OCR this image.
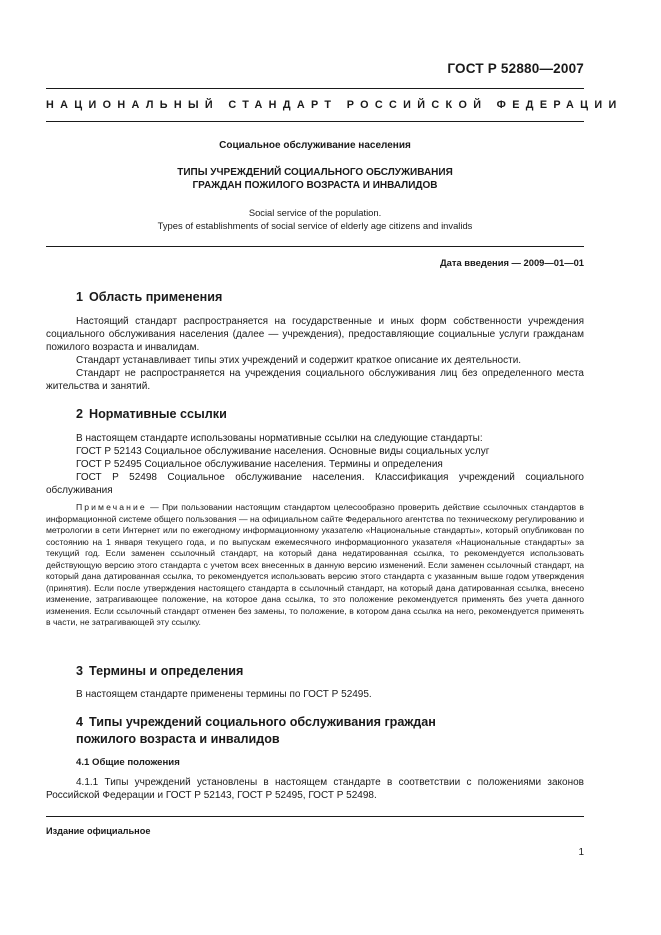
ГОСТ Р 52880—2007
НАЦИОНАЛЬНЫЙ СТАНДАРТ РОССИЙСКОЙ ФЕДЕРАЦИИ
Социальное обслуживание населения
ТИПЫ УЧРЕЖДЕНИЙ СОЦИАЛЬНОГО ОБСЛУЖИВАНИЯ
ГРАЖДАН ПОЖИЛОГО ВОЗРАСТА И ИНВАЛИДОВ
Social service of the population.
Types of establishments of social service of elderly age citizens and invalids
Дата введения — 2009—01—01
1 Область применения

Настоящий стандарт распространяется на государственные и иных форм собственности учреждения социального обслуживания населения (далее — учреждения), предоставляющие социальные услуги гражданам пожилого возраста и инвалидам.

Стандарт устанавливает типы этих учреждений и содержит краткое описание их деятельности.

Стандарт не распространяется на учреждения социального обслуживания лиц без определенного места жительства и занятий.

2 Нормативные ссылки

В настоящем стандарте использованы нормативные ссылки на следующие стандарты:

ГОСТ Р 52143 Социальное обслуживание населения. Основные виды социальных услуг
ГОСТ Р 52495 Социальное обслуживание населения. Термины и определения

ГОСТ Р 52498 Социальное обслуживание населения. Классификация учреждений социального обслуживания

Примечание — При пользовании настоящим стандартом целесообразно проверить действие ссылочных стандартов в информационной системе общего пользования — на официальном сайте Федерального агентства по техническому регулированию и метрологии в сети Интернет или по ежегодному информационному указателю «Национальные стандарты», который опубликован по состоянию на 1 января текущего года, и по выпускам ежемесячного информационного указателя «Национальные стандарты» за текущий год. Если заменен ссылочный стандарт, на который дана недатированная ссылка, то рекомендуется использовать действующую версию этого стандарта с учетом всех внесенных в данную версию изменений. Если заменен ссылочный стандарт, на который дана датированная ссылка, то рекомендуется использовать версию этого стандарта с указанным выше годом утверждения (принятия). Если после утверждения настоящего стандарта в ссылочный стандарт, на который дана датированная ссылка, внесено изменение, затрагивающее положение, на которое дана ссылка, то это положение рекомендуется применять без учета данного изменения. Если ссылочный стандарт отменен без замены, то положение, в котором дана ссылка на него, рекомендуется применять в части, не затрагивающей эту ссылку.

3 Термины и определения

В настоящем стандарте применены термины по ГОСТ Р 52495.

4 Типы учреждений социального обслуживания граждан
пожилого возраста и инвалидов
4.1 Общие положения

4.1.1 Типы учреждений установлены в настоящем стандарте в соответствии с положениями законов Российской Федерации и ГОСТ Р 52143, ГОСТ Р 52495, ГОСТ Р 52498.

Издание официальное
1
